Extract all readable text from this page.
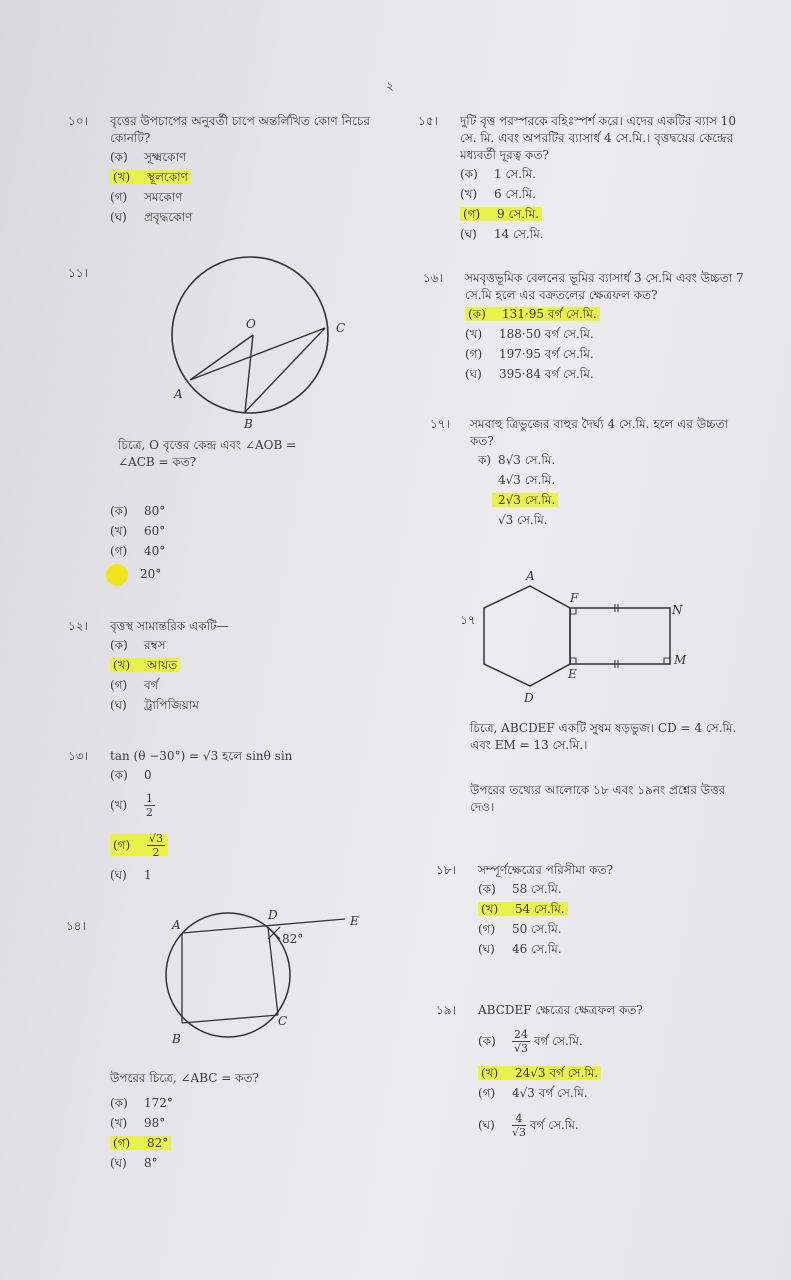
২
১০। বৃত্তের উপচাপের অনুবর্তী চাপে অন্তর্লিখিত কোণ নিচের কোনটি?
(ক) সূক্ষ্মকোণ
(খ) স্থূলকোণ
(গ) সমকোণ
(ঘ) প্রবৃদ্ধকোণ
১১।
O	C
A
B
চিত্রে, O বৃত্তের কেন্দ্র এবং ∠AOB =
∠ACB = কত?
(ক) 80°
(খ) 60°
(গ) 40°
20°
১২। বৃত্তস্থ সামান্তরিক একটি—
(ক) রম্বস
(খ) আয়ত
(গ) বর্গ
(ঘ) ট্রাপিজিয়াম
১৩। tan (θ −30°) = √3 হলে sinθ sin
(ক) 0
(খ) $\frac{1}{2}$
(গ) $\frac{√3}{2}$
(ঘ) 1
১৪।	A
D	E
82°
C
B
উপরের চিত্রে, ∠ABC = কত?
(ক) 172°
(খ) 98°
(গ) 82°
(ঘ) 8°
১৫। দুটি বৃত্ত পরস্পরকে বহিঃস্পর্শ করে। এদের একটির ব্যাস 10 সে. মি. এবং অপরটির ব্যাসার্ধ 4 সে.মি.। বৃত্তদ্বয়ের কেন্দ্রের মধ্যবর্তী দূরত্ব কত?
(ক) 1 সে.মি.
(খ) 6 সে.মি.
(গ) 9 সে.মি.
(ঘ) 14 সে.মি.
১৬। সমবৃত্তভূমিক বেলনের ভূমির ব্যাসার্ধ 3 সে.মি এবং উচ্চতা 7 সে.মি হলে এর বক্রতলের ক্ষেত্রফল কত?
(ক) 131·95 বর্গ সে.মি.
(খ) 188·50 বর্গ সে.মি.
(গ) 197·95 বর্গ সে.মি.
(ঘ) 395·84 বর্গ সে.মি.
১৭। সমবাহু ত্রিভুজের বাহুর দৈর্ঘ্য 4 সে.মি. হলে এর উচ্চতা কত?
ক) 8√3 সে.মি.
4√3 সে.মি.
2√3 সে.মি.
√3 সে.মি.
১৭
A
F
N
M
E
D
চিত্রে, ABCDEF একটি সুষম ষড়ভুজ। CD = 4 সে.মি. এবং EM = 13 সে.মি.।
উপরের তথ্যের আলোকে ১৮ এবং ১৯নং প্রশ্নের উত্তর দেও।
১৮। সম্পূর্ণক্ষেত্রের পরিসীমা কত?
(ক) 58 সে.মি.
(খ) 54 সে.মি.
(গ) 50 সে.মি.
(ঘ) 46 সে.মি.
১৯। ABCDEF ক্ষেত্রের ক্ষেত্রফল কত?
(ক) $\frac{24}{√3}$ বর্গ সে.মি.
(খ) 24√3 বর্গ সে.মি.
(গ) 4√3 বর্গ সে.মি.
(ঘ) $\frac{4}{√3}$ বর্গ সে.মি.
